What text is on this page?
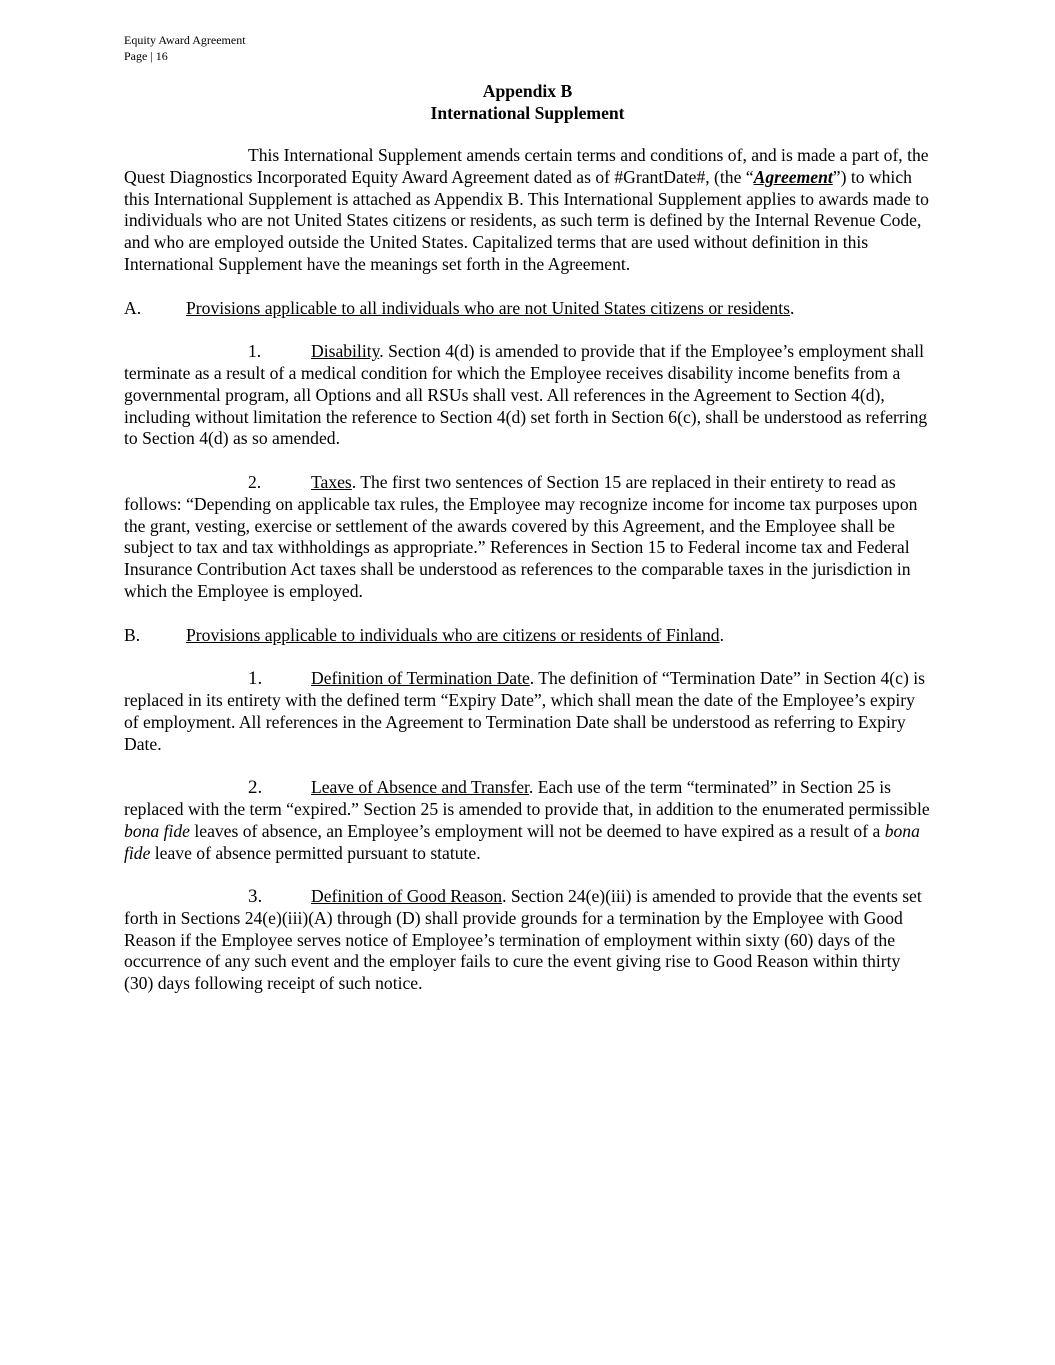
Equity Award Agreement
Page | 16
Appendix B
International Supplement

This International Supplement amends certain terms and conditions of, and is made a part of, the Quest Diagnostics Incorporated Equity Award Agreement dated as of #GrantDate#, (the “Agreement”) to which this International Supplement is attached as Appendix B. This International Supplement applies to awards made to individuals who are not United States citizens or residents, as such term is defined by the Internal Revenue Code, and who are employed outside the United States. Capitalized terms that are used without definition in this International Supplement have the meanings set forth in the Agreement.

A.	Provisions applicable to all individuals who are not United States citizens or residents.

1.	Disability. Section 4(d) is amended to provide that if the Employee’s employment shall terminate as a result of a medical condition for which the Employee receives disability income benefits from a governmental program, all Options and all RSUs shall vest. All references in the Agreement to Section 4(d), including without limitation the reference to Section 4(d) set forth in Section 6(c), shall be understood as referring to Section 4(d) as so amended.

2.	Taxes. The first two sentences of Section 15 are replaced in their entirety to read as follows: “Depending on applicable tax rules, the Employee may recognize income for income tax purposes upon the grant, vesting, exercise or settlement of the awards covered by this Agreement, and the Employee shall be subject to tax and tax withholdings as appropriate.” References in Section 15 to Federal income tax and Federal Insurance Contribution Act taxes shall be understood as references to the comparable taxes in the jurisdiction in which the Employee is employed.

B.	Provisions applicable to individuals who are citizens or residents of Finland.

1.	Definition of Termination Date. The definition of “Termination Date” in Section 4(c) is replaced in its entirety with the defined term “Expiry Date”, which shall mean the date of the Employee’s expiry of employment. All references in the Agreement to Termination Date shall be understood as referring to Expiry Date.

2.	Leave of Absence and Transfer. Each use of the term “terminated” in Section 25 is replaced with the term “expired.” Section 25 is amended to provide that, in addition to the enumerated permissible bona fide leaves of absence, an Employee’s employment will not be deemed to have expired as a result of a bona fide leave of absence permitted pursuant to statute.

3.	Definition of Good Reason. Section 24(e)(iii) is amended to provide that the events set forth in Sections 24(e)(iii)(A) through (D) shall provide grounds for a termination by the Employee with Good Reason if the Employee serves notice of Employee’s termination of employment within sixty (60) days of the occurrence of any such event and the employer fails to cure the event giving rise to Good Reason within thirty (30) days following receipt of such notice.
